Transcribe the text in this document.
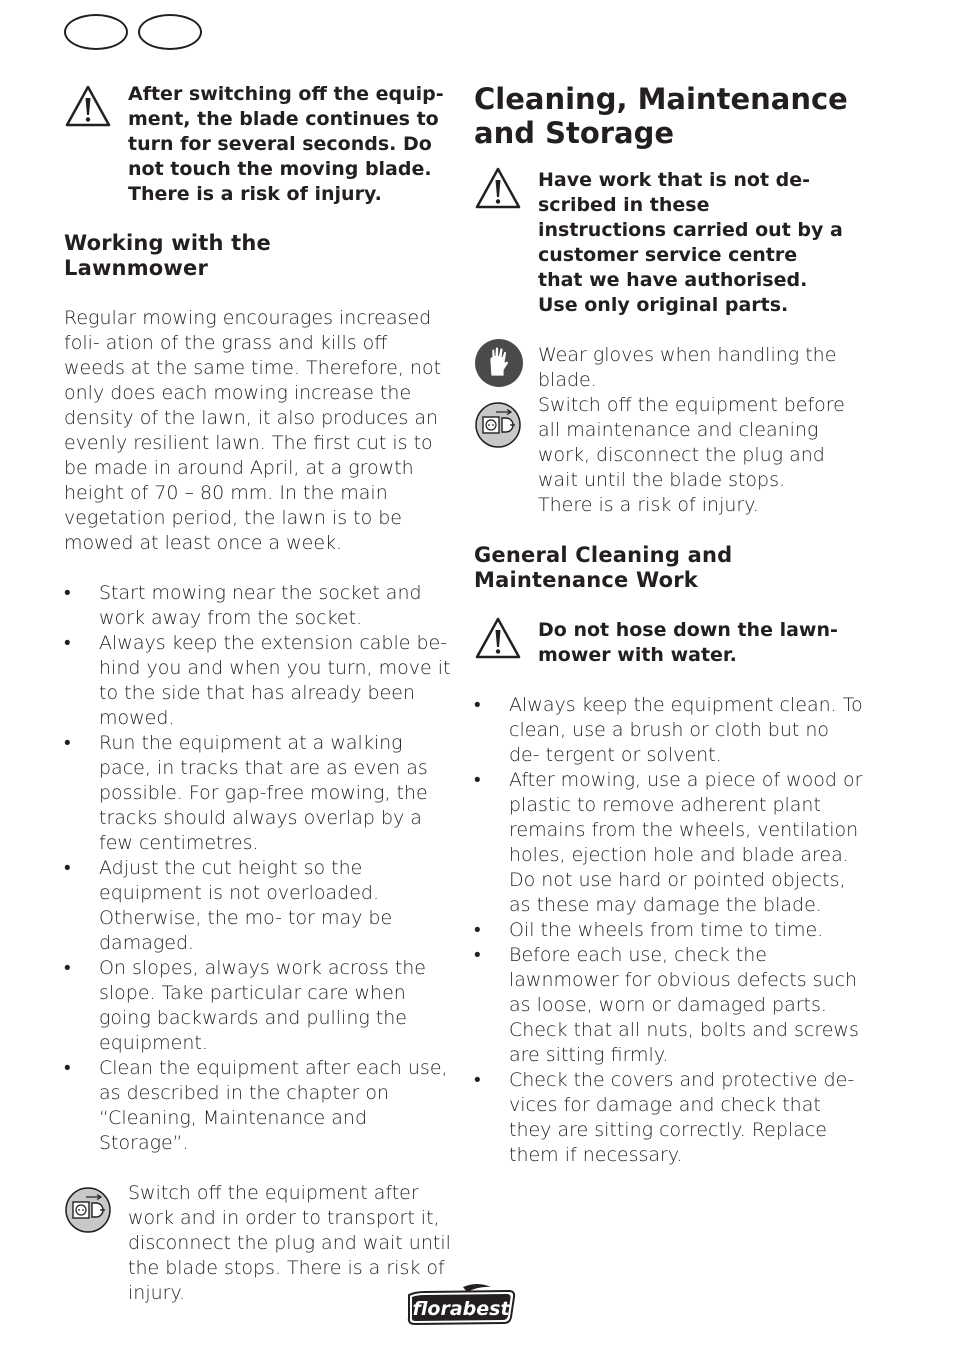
After switching off the equip- ment, the blade continues to turn for several seconds. Do not touch the moving blade. There is a risk of injury.

Working with the Lawnmower

Regular mowing encourages increased foli- ation of the grass and kills off weeds at the same time. Therefore, not only does each mowing increase the density of the lawn, it also produces an evenly resilient lawn. The first cut is to be made in around April, at a growth height of 70 – 80 mm. In the main vegetation period, the lawn is to be mowed at least once a week.

• Start mowing near the socket and work away from the socket.
• Always keep the extension cable be- hind you and when you turn, move it to the side that has already been mowed.
• Run the equipment at a walking pace, in tracks that are as even as possible. For gap-free mowing, the tracks should always overlap by a few centimetres.
• Adjust the cut height so the equipment is not overloaded. Otherwise, the mo- tor may be damaged.
• On slopes, always work across the slope. Take particular care when going backwards and pulling the equipment.
• Clean the equipment after each use, as described in the chapter on “Cleaning, Maintenance and Storage”.

Switch off the equipment after work and in order to transport it, disconnect the plug and wait until the blade stops. There is a risk of injury.

Cleaning, Maintenance and Storage

Have work that is not de- scribed in these instructions carried out by a customer service centre that we have authorised. Use only original parts.

Wear gloves when handling the blade.

Switch off the equipment before all maintenance and cleaning work, disconnect the plug and wait until the blade stops.

There is a risk of injury.

General Cleaning and Maintenance Work

Do not hose down the lawn- mower with water.

• Always keep the equipment clean. To clean, use a brush or cloth but no de- tergent or solvent.
• After mowing, use a piece of wood or plastic to remove adherent plant remains from the wheels, ventilation holes, ejection hole and blade area. Do not use hard or pointed objects, as these may damage the blade.
• Oil the wheels from time to time.
• Before each use, check the lawnmower for obvious defects such as loose, worn or damaged parts. Check that all nuts, bolts and screws are sitting firmly.
• Check the covers and protective de- vices for damage and check that they are sitting correctly. Replace them if necessary.
florabest
